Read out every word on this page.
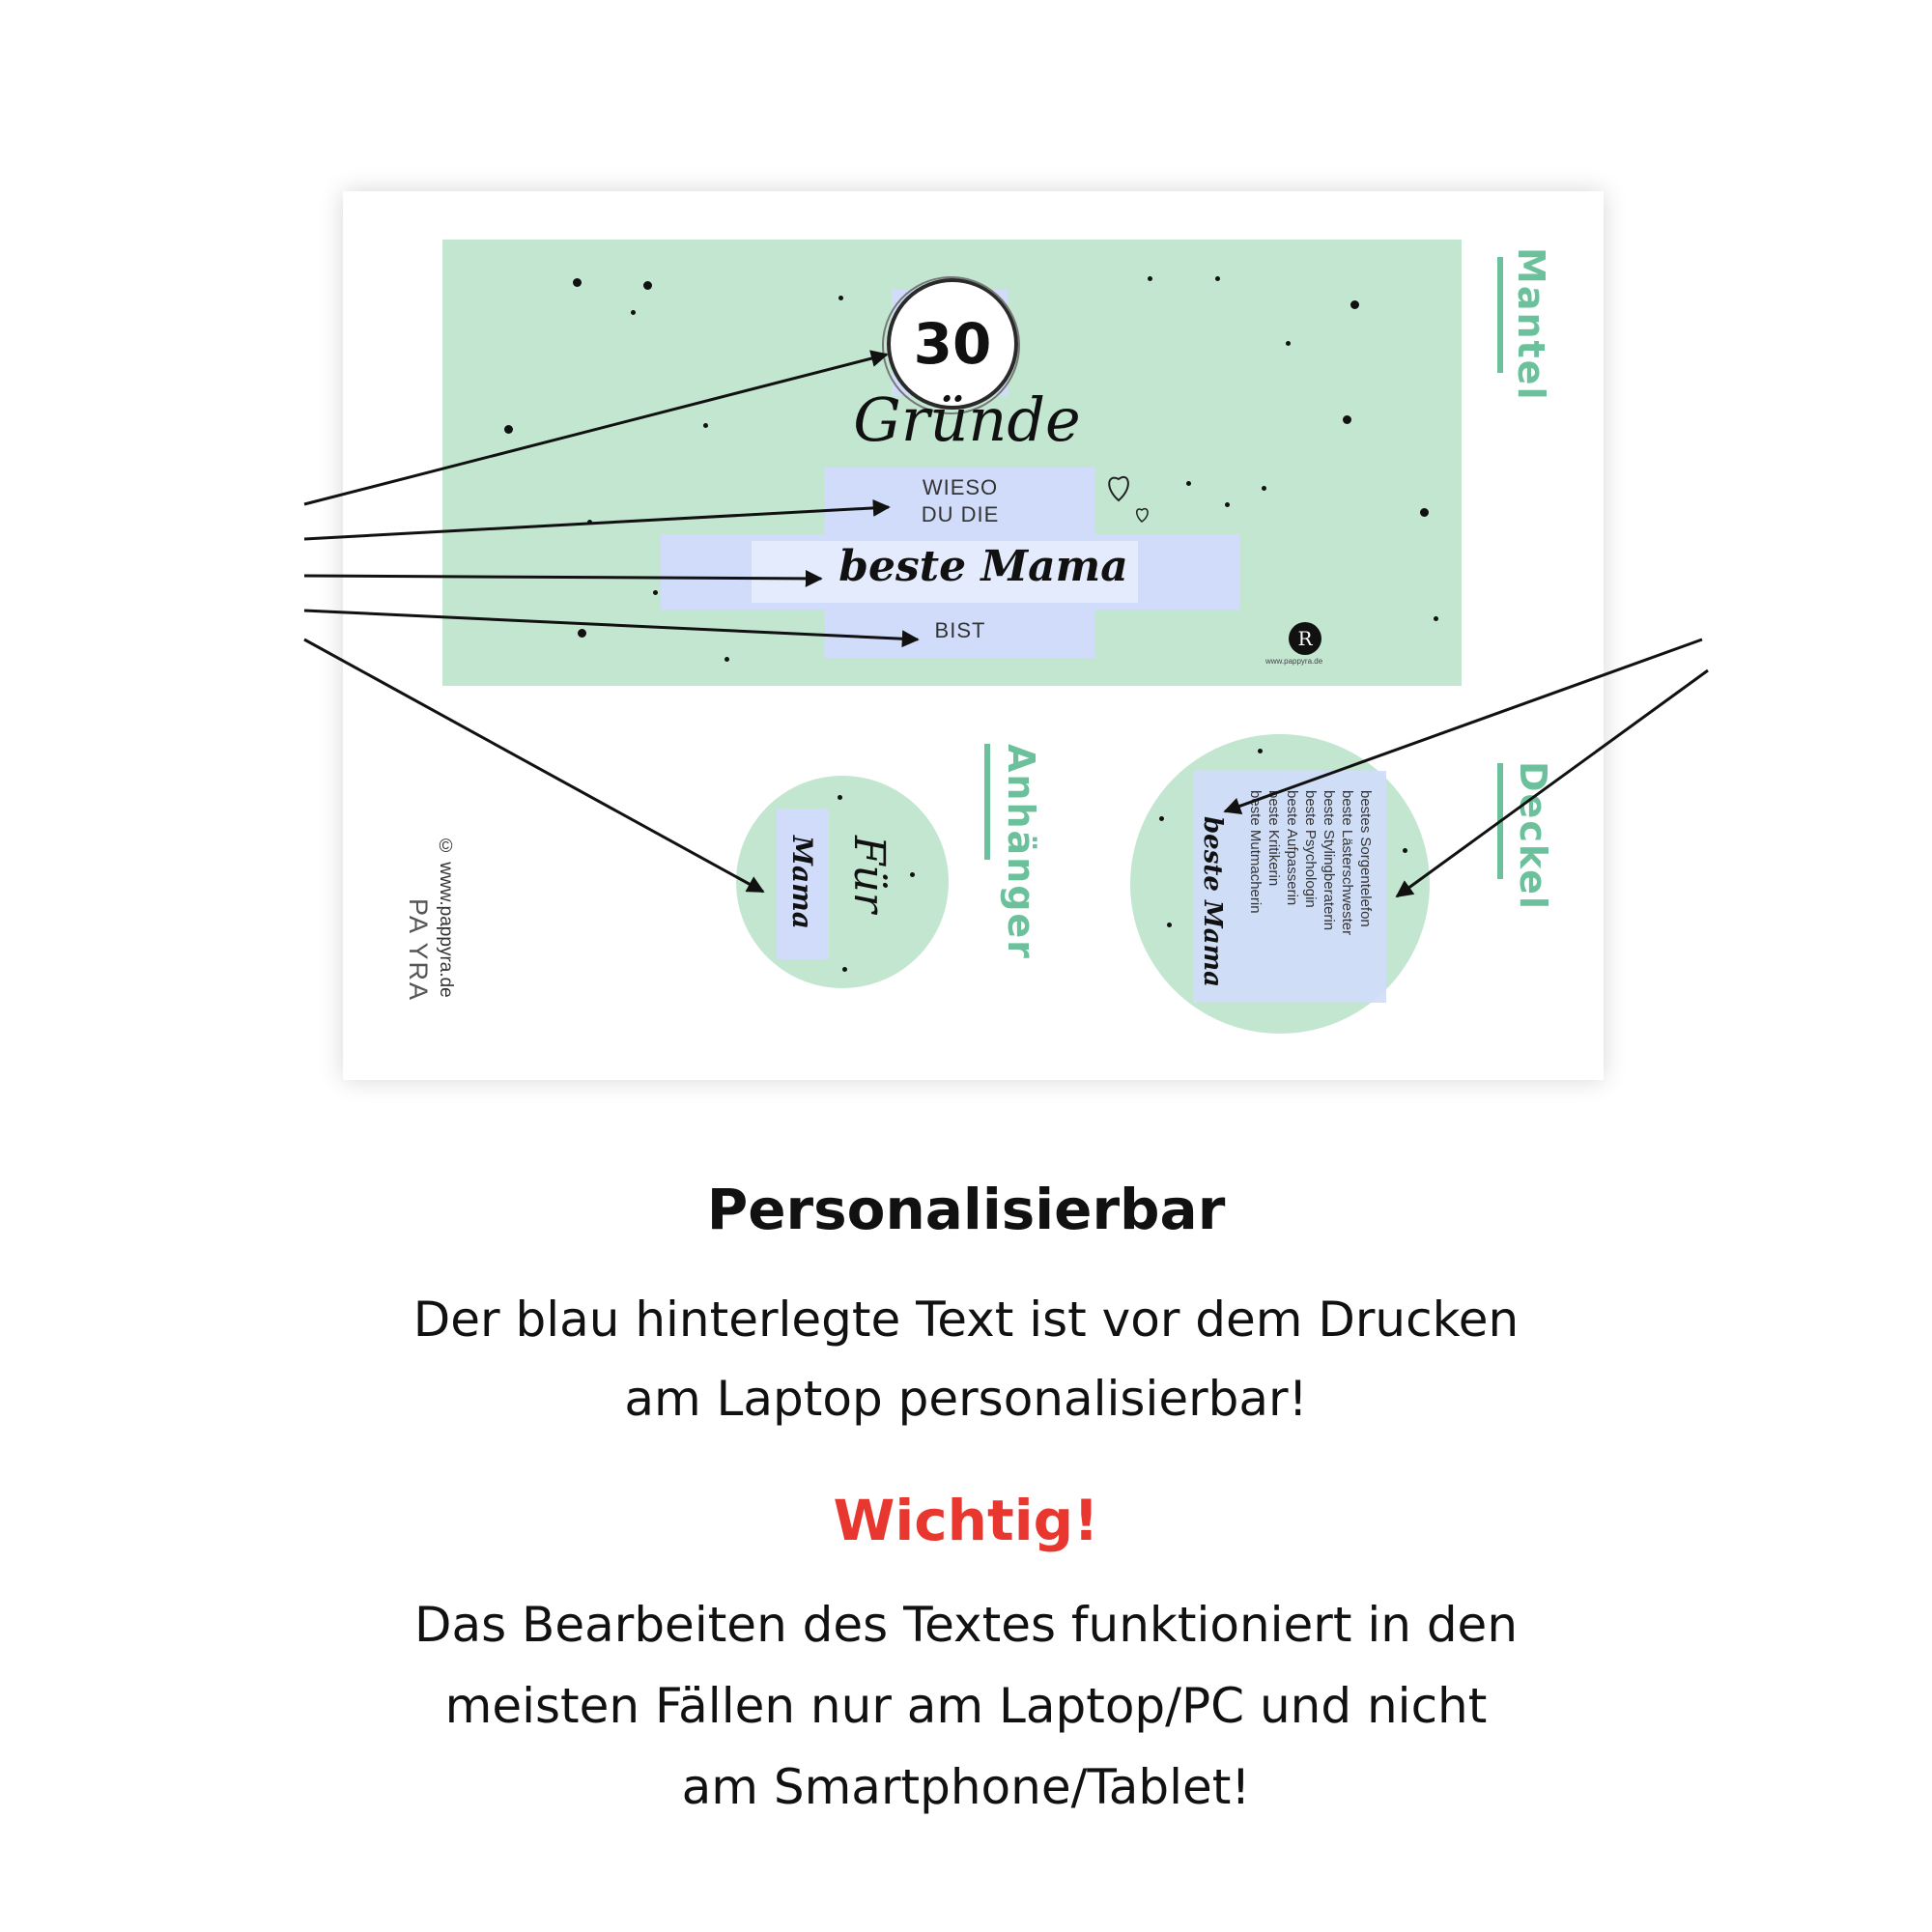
30
Gründe
WIESO
DU DIE
beste Mama
BIST	R
www.pappyra.de
Mantel
Anhänger	Deckel
Mama Für	beste Mama	bestes Sorgentelefon
beste Lästerschwester
beste Stylingberaterin
beste Psychologin
beste Aufpasserin
beste Kritikerin
beste Mutmacherin
© www.pappyra.de
PA YRA
Personalisierbar
Der blau hinterlegte Text ist vor dem Drucken
am Laptop personalisierbar!
Wichtig!
Das Bearbeiten des Textes funktioniert in den
meisten Fällen nur am Laptop/PC und nicht
am Smartphone/Tablet!
